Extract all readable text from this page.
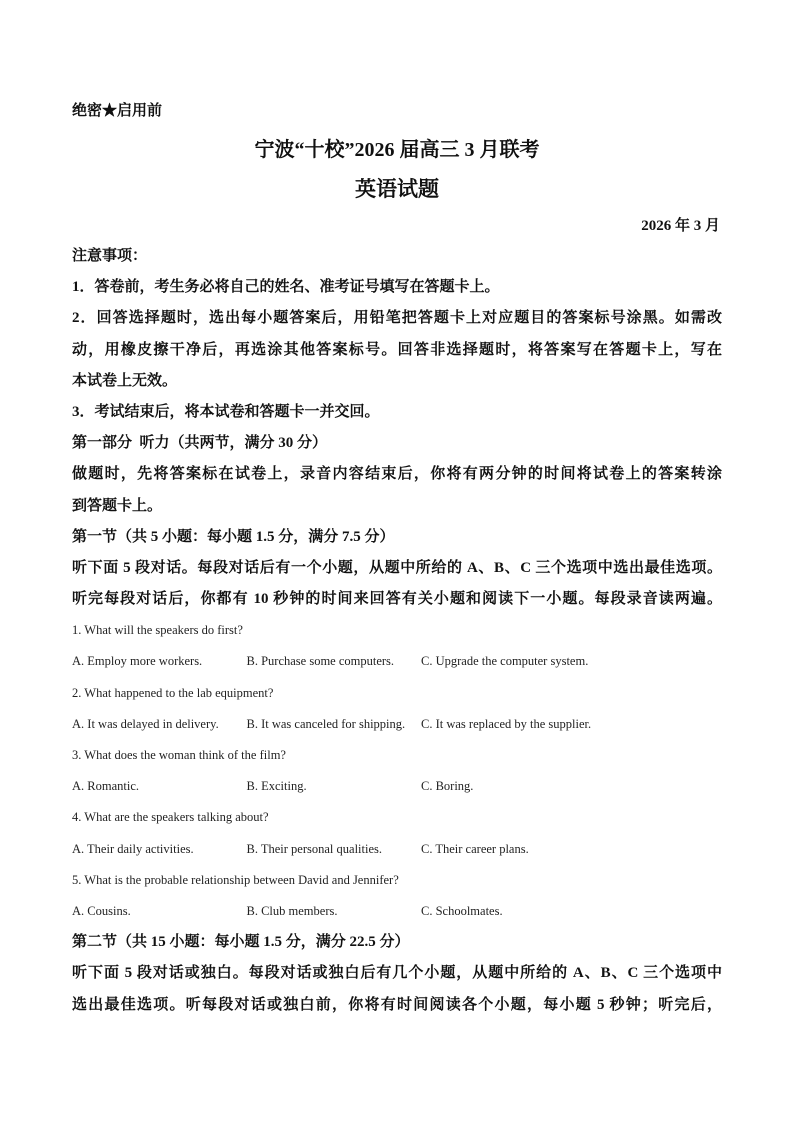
绝密★启用前
宁波“十校”2026 届高三 3 月联考
英语试题
2026 年 3 月
注意事项：
1．答卷前，考生务必将自己的姓名、准考证号填写在答题卡上。
2．回答选择题时，选出每小题答案后，用铅笔把答题卡上对应题目的答案标号涂黑。如需改
动，用橡皮擦干净后，再选涂其他答案标号。回答非选择题时，将答案写在答题卡上，写在
本试卷上无效。
3．考试结束后，将本试卷和答题卡一并交回。
第一部分  听力（共两节，满分 30 分）
做题时，先将答案标在试卷上，录音内容结束后，你将有两分钟的时间将试卷上的答案转涂
到答题卡上。
第一节（共 5 小题：每小题 1.5 分，满分 7.5 分）
听下面 5 段对话。每段对话后有一个小题，从题中所给的 A、B、C 三个选项中选出最佳选项。
听完每段对话后，你都有 10 秒钟的时间来回答有关小题和阅读下一小题。每段录音读两遍。
1. What will the speakers do first?
A. Employ more workers.	B. Purchase some computers. C. Upgrade the computer system.
2. What happened to the lab equipment?
A. It was delayed in delivery. B. It was canceled for shipping. C. It was replaced by the supplier.
3. What does the woman think of the film?
A. Romantic.	B. Exciting.	C. Boring.
4. What are the speakers talking about?
A. Their daily activities.	B. Their personal qualities.	C. Their career plans.
5. What is the probable relationship between David and Jennifer?
A. Cousins.	B. Club members.	C. Schoolmates.
第二节（共 15 小题：每小题 1.5 分，满分 22.5 分）
听下面 5 段对话或独白。每段对话或独白后有几个小题，从题中所给的 A、B、C 三个选项中
选出最佳选项。听每段对话或独白前，你将有时间阅读各个小题，每小题 5 秒钟；听完后，
